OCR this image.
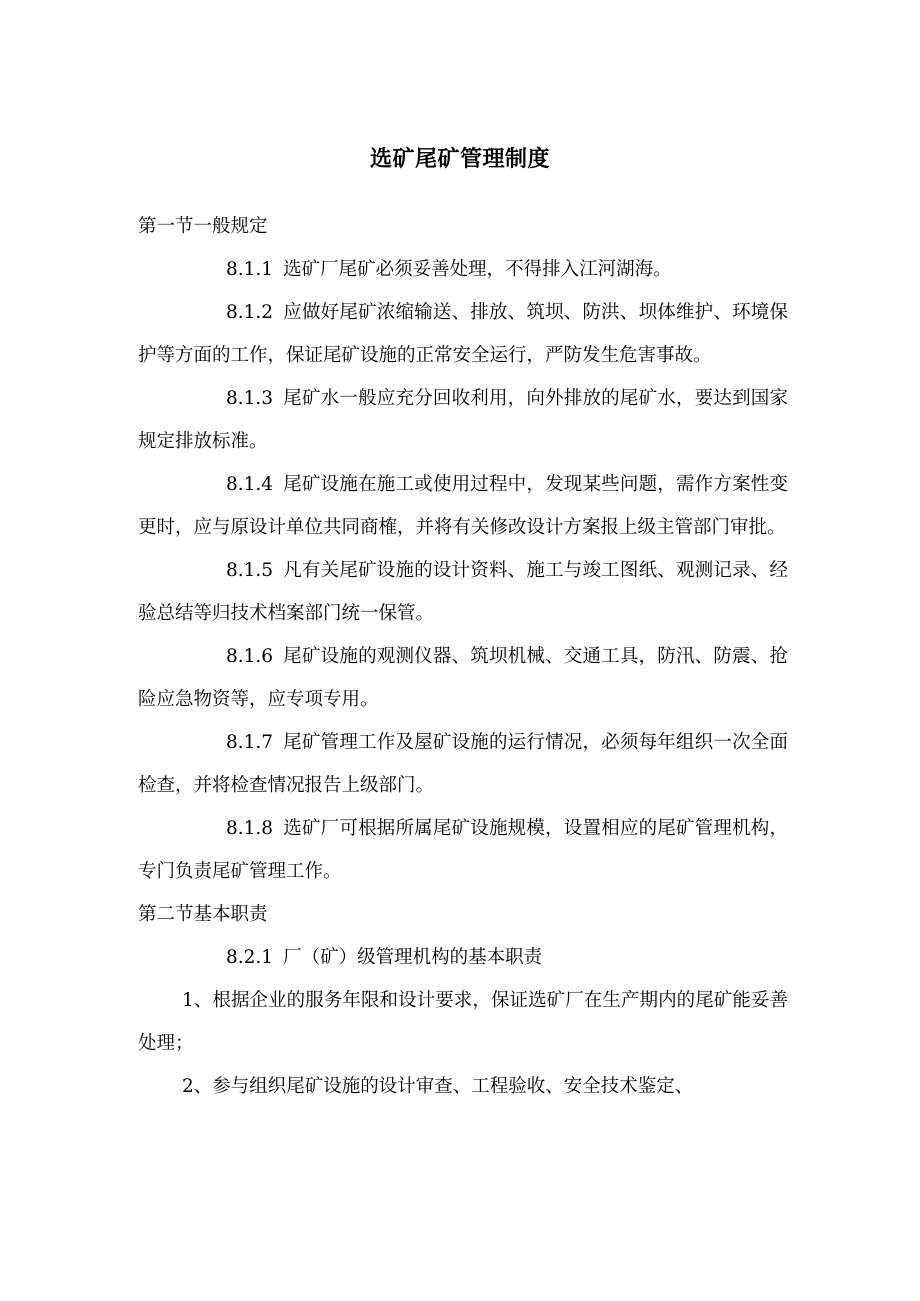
选矿尾矿管理制度

第一节一般规定

8.1.1 选矿厂尾矿必须妥善处理，不得排入江河湖海。

8.1.2 应做好尾矿浓缩输送、排放、筑坝、防洪、坝体维护、环境保护等方面的工作，保证尾矿设施的正常安全运行，严防发生危害事故。

8.1.3 尾矿水一般应充分回收利用，向外排放的尾矿水，要达到国家规定排放标准。

8.1.4 尾矿设施在施工或使用过程中，发现某些问题，需作方案性变更时，应与原设计单位共同商榷，并将有关修改设计方案报上级主管部门审批。

8.1.5 凡有关尾矿设施的设计资料、施工与竣工图纸、观测记录、经验总结等归技术档案部门统一保管。

8.1.6 尾矿设施的观测仪器、筑坝机械、交通工具，防汛、防震、抢险应急物资等，应专项专用。

8.1.7 尾矿管理工作及屋矿设施的运行情况，必须每年组织一次全面检查，并将检查情况报告上级部门。

8.1.8 选矿厂可根据所属尾矿设施规模，设置相应的尾矿管理机构，专门负责尾矿管理工作。

第二节基本职责

8.2.1 厂（矿）级管理机构的基本职责

1、根据企业的服务年限和设计要求，保证选矿厂在生产期内的尾矿能妥善处理；

2、参与组织尾矿设施的设计审查、工程验收、安全技术鉴定、
